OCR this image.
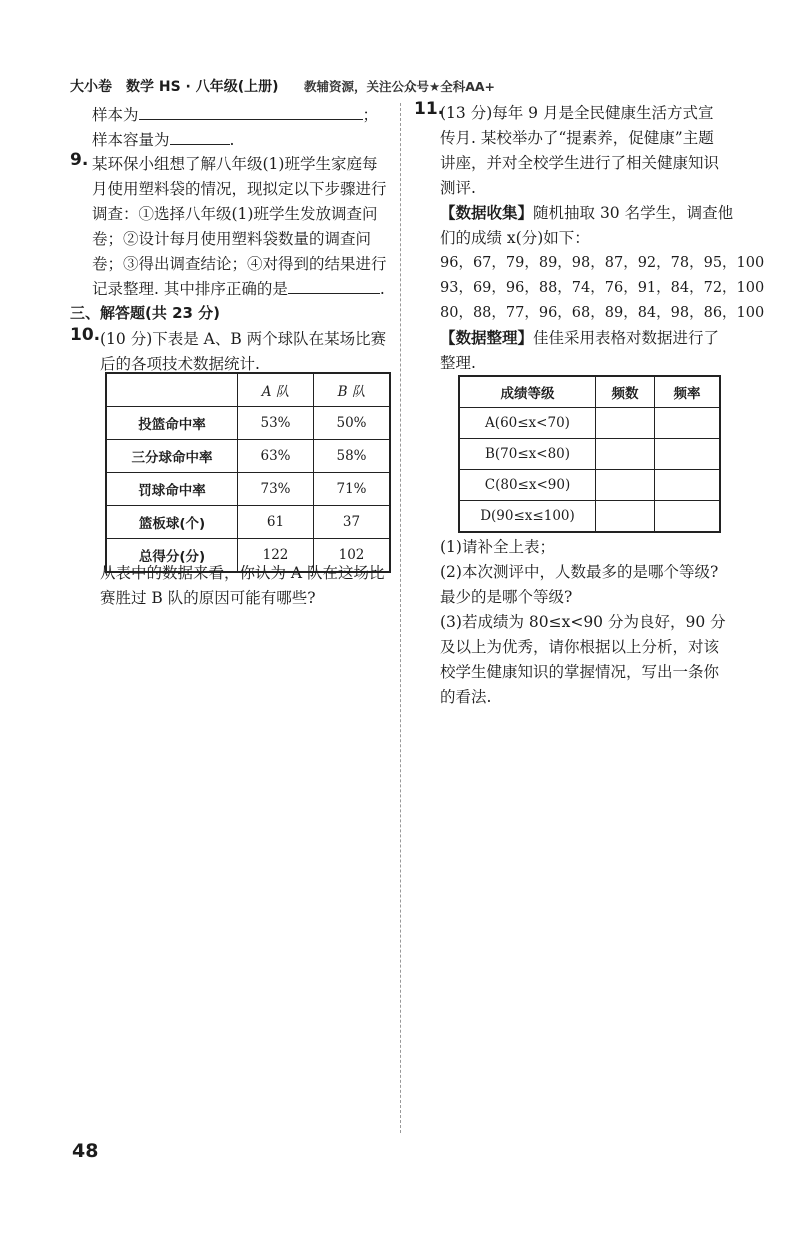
大小卷　数学 HS · 八年级(上册) 教辅资源，关注公众号★全科AA+
样本为	；
样本容量为	.
9. 某环保小组想了解八年级(1)班学生家庭每
月使用塑料袋的情况，现拟定以下步骤进行
调查：①选择八年级(1)班学生发放调查问
卷；②设计每月使用塑料袋数量的调查问
卷；③得出调查结论；④对得到的结果进行
记录整理. 其中排序正确的是	.
三、解答题(共 23 分)
10. (10 分)下表是 A、B 两个球队在某场比赛
后的各项技术数据统计.
	A 队	B 队
投篮命中率	53%	50%
三分球命中率	63%	58%
罚球命中率	73%	71%
篮板球(个)	61	37
总得分(分)	122	102
从表中的数据来看，你认为 A 队在这场比
赛胜过 B 队的原因可能有哪些?
11.
(13 分)每年 9 月是全民健康生活方式宣
传月. 某校举办了“提素养，促健康”主题
讲座，并对全校学生进行了相关健康知识
测评.
【数据收集】随机抽取 30 名学生，调查他
们的成绩 x(分)如下：
96，67，79，89，98，87，92，78，95，100
93，69，96，88，74，76，91，84，72，100
80，88，77，96，68，89，84，98，86，100
【数据整理】佳佳采用表格对数据进行了
整理.
成绩等级	频数	频率
A(60≤x<70)		
B(70≤x<80)		
C(80≤x<90)		
D(90≤x≤100)		
(1)请补全上表；
(2)本次测评中，人数最多的是哪个等级?
最少的是哪个等级?
(3)若成绩为 80≤x<90 分为良好，90 分
及以上为优秀，请你根据以上分析，对该
校学生健康知识的掌握情况，写出一条你
的看法.
48
